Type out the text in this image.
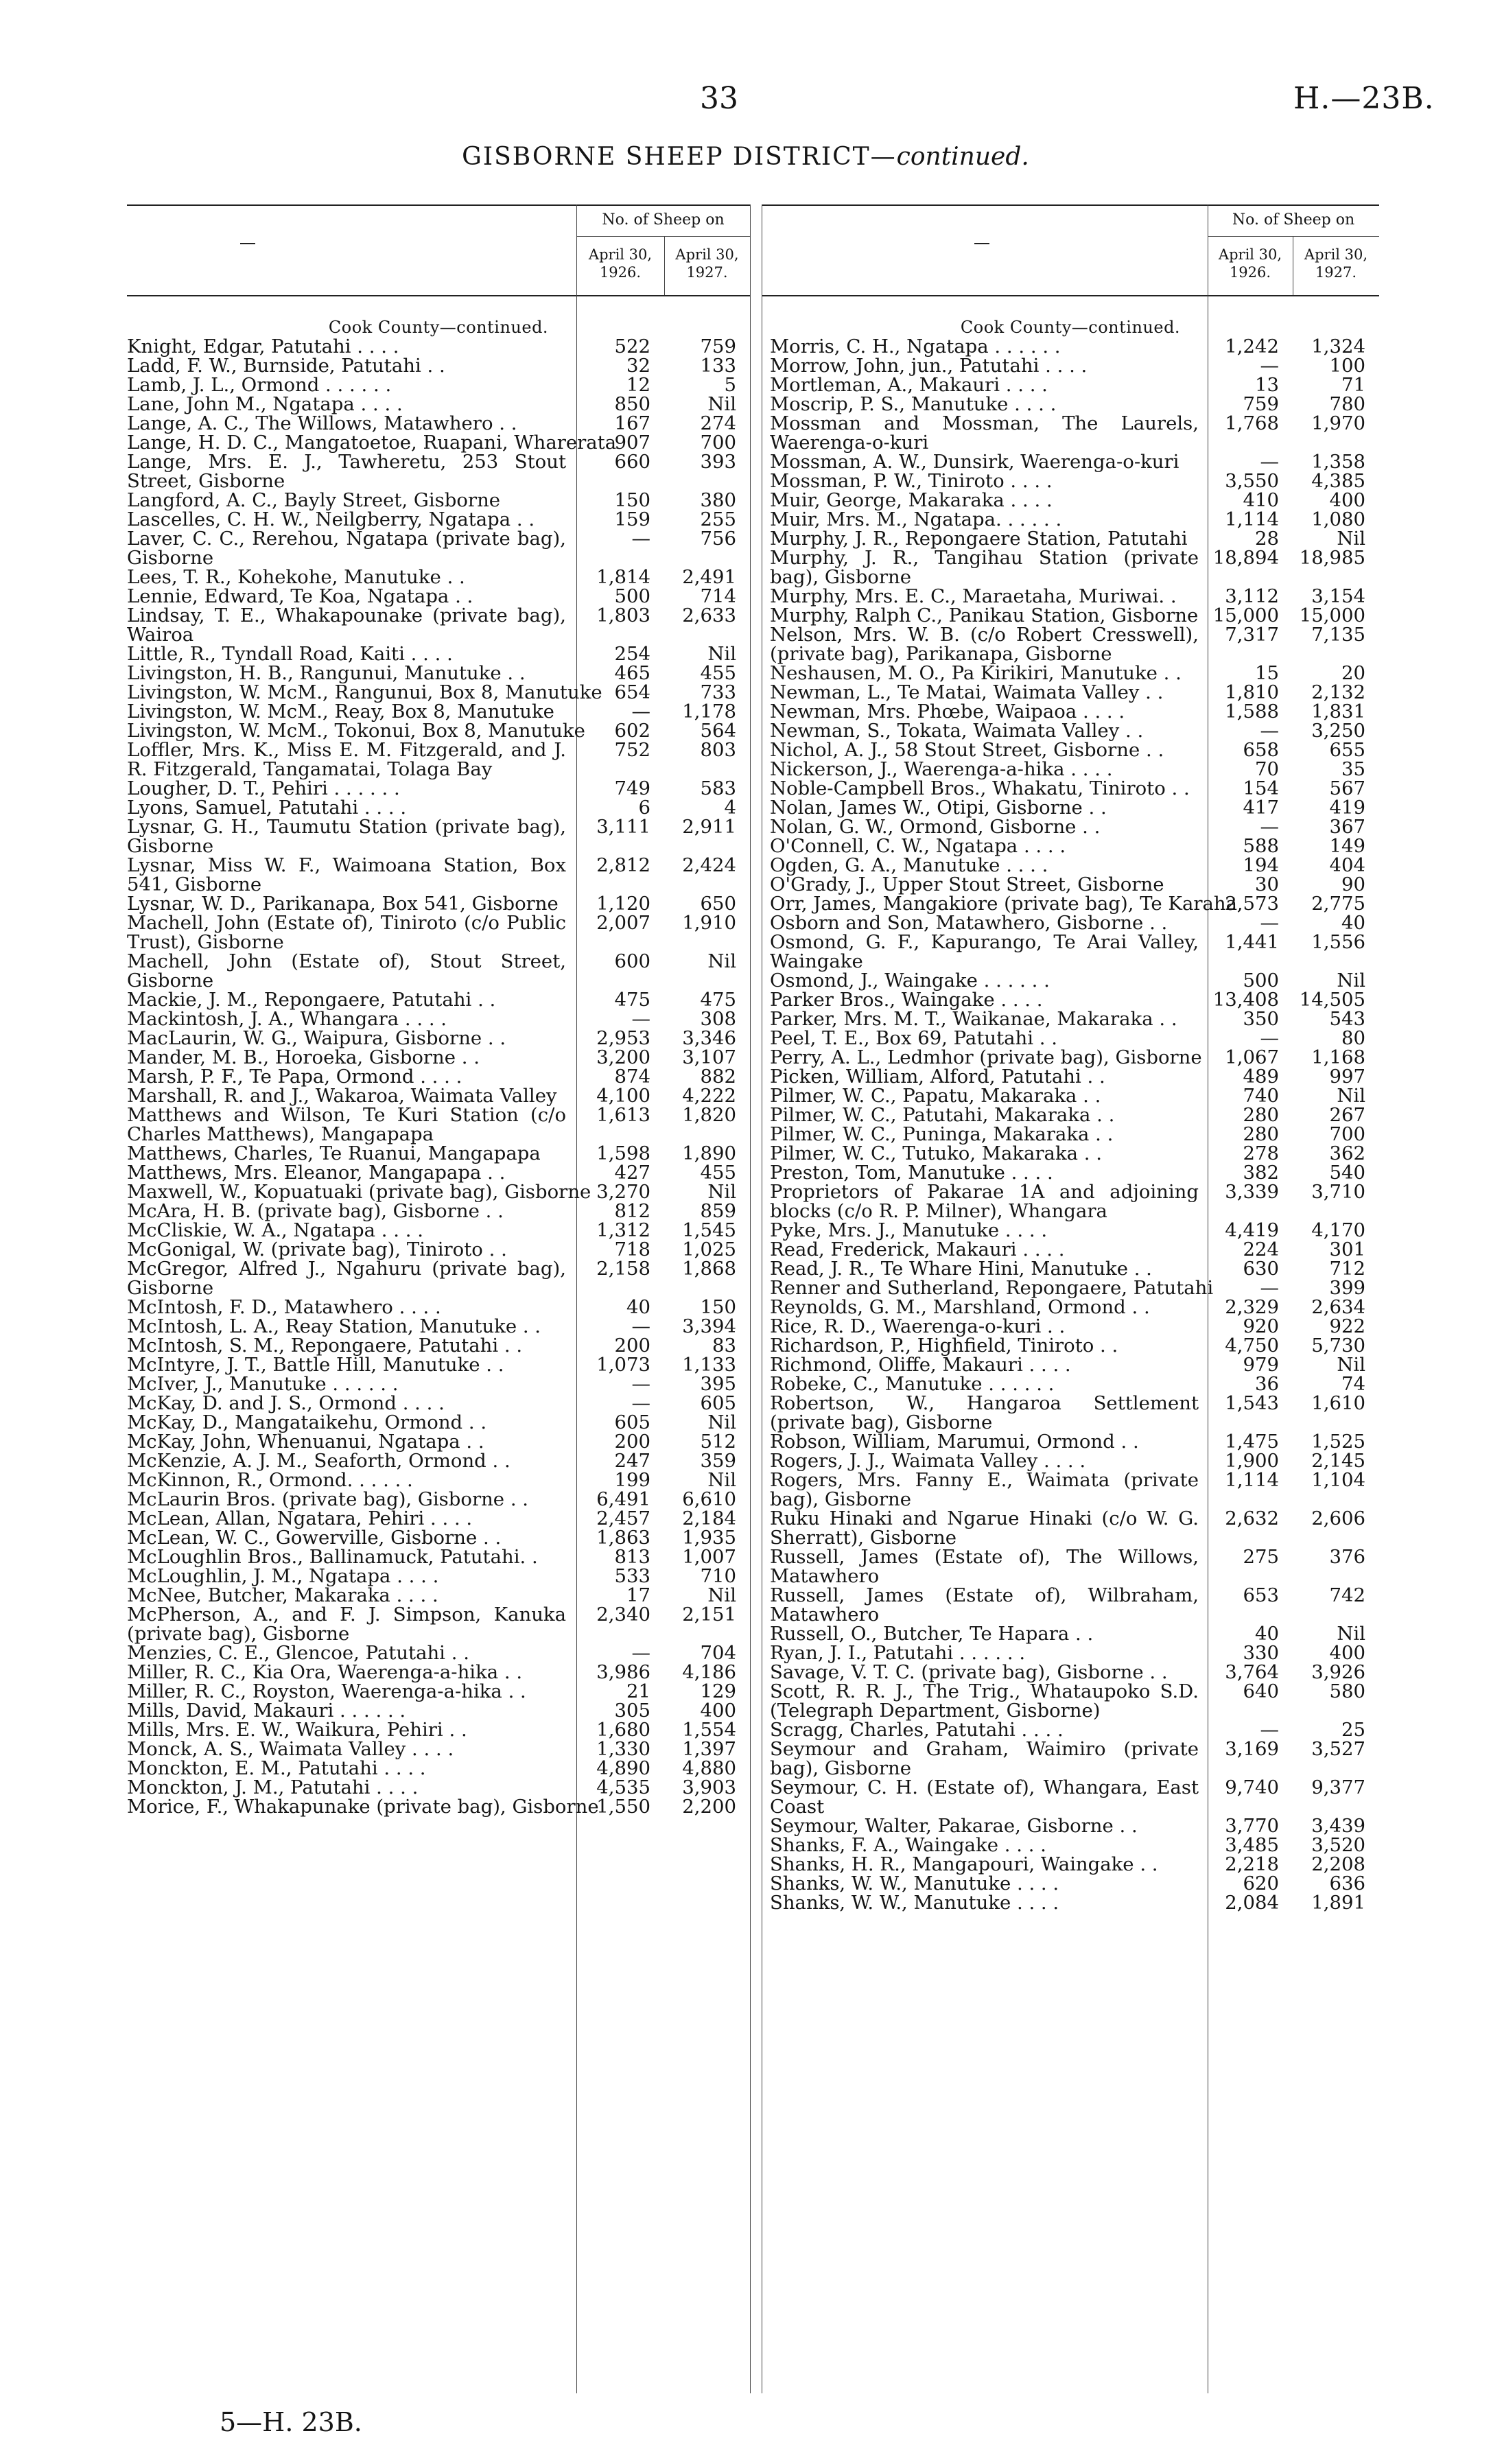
33	H.—23B.
GISBORNE SHEEP DISTRICT—continued.
No. of Sheep on
April 30,
1926.
April 30,
1927.
Cook County—continued.
Knight, Edgar, Patutahi . . . .	522	759
Ladd, F. W., Burnside, Patutahi . .	32	133
Lamb, J. L., Ormond . . . . . .	12	5
Lane, John M., Ngatapa . . . .	850	Nil
Lange, A. C., The Willows, Matawhero . .	167	274
Lange, H. D. C., Mangatoetoe, Ruapani, Wharerata
907	700
Lange, Mrs. E. J., Tawheretu, 253 Stout Street, Gisborne
660	393
Langford, A. C., Bayly Street, Gisborne	150	380
Lascelles, C. H. W., Neilgberry, Ngatapa . .	159	255
Laver, C. C., Rerehou, Ngatapa (private bag), Gisborne
—	756
Lees, T. R., Kohekohe, Manutuke . .	1,814 2,491
Lennie, Edward, Te Koa, Ngatapa . .	500	714
Lindsay, T. E., Whakapounake (private bag), Wairoa
1,803 2,633
Little, R., Tyndall Road, Kaiti . . . .	254	Nil
Livingston, H. B., Rangunui, Manutuke . .	465	455
Livingston, W. McM., Rangunui, Box 8, Manutuke 654	733
Livingston, W. McM., Reay, Box 8, Manutuke	— 1,178
Livingston, W. McM., Tokonui, Box 8, Manutuke 602	564
Loffler, Mrs. K., Miss E. M. Fitzgerald, and J. R. Fitzgerald, Tangamatai, Tolaga Bay
752	803
Lougher, D. T., Pehiri . . . . . .	749	583
Lyons, Samuel, Patutahi . . . .	6	4
Lysnar, G. H., Taumutu Station (private bag), Gisborne
3,111 2,911
Lysnar, Miss W. F., Waimoana Station, Box 541, Gisborne
2,812 2,424
Lysnar, W. D., Parikanapa, Box 541, Gisborne	1,120	650
Machell, John (Estate of), Tiniroto (c/o Public Trust), Gisborne
2,007 1,910
Machell, John (Estate of), Stout Street, Gisborne
600	Nil
Mackie, J. M., Repongaere, Patutahi . .	475	475
Mackintosh, J. A., Whangara . . . .	—	308
MacLaurin, W. G., Waipura, Gisborne . .	2,953 3,346
Mander, M. B., Horoeka, Gisborne . .	3,200 3,107
Marsh, P. F., Te Papa, Ormond . . . .	874	882
Marshall, R. and J., Wakaroa, Waimata Valley	4,100 4,222
Matthews and Wilson, Te Kuri Station (c/o Charles Matthews), Mangapapa
1,613 1,820
Matthews, Charles, Te Ruanui, Mangapapa	1,598 1,890
Matthews, Mrs. Eleanor, Mangapapa . .	427	455
Maxwell, W., Kopuatuaki (private bag), Gisborne 3,270	Nil
McAra, H. B. (private bag), Gisborne . .	812	859
McCliskie, W. A., Ngatapa . . . .	1,312 1,545
McGonigal, W. (private bag), Tiniroto . .	718 1,025
McGregor, Alfred J., Ngahuru (private bag), Gisborne
2,158 1,868
McIntosh, F. D., Matawhero . . . .	40	150
McIntosh, L. A., Reay Station, Manutuke . .	— 3,394
McIntosh, S. M., Repongaere, Patutahi . .	200	83
McIntyre, J. T., Battle Hill, Manutuke . .	1,073 1,133
McIver, J., Manutuke . . . . . .	—	395
McKay, D. and J. S., Ormond . . . .	—	605
McKay, D., Mangataikehu, Ormond . .	605	Nil
McKay, John, Whenuanui, Ngatapa . .	200	512
McKenzie, A. J. M., Seaforth, Ormond . .	247	359
McKinnon, R., Ormond. . . . . .	199	Nil
McLaurin Bros. (private bag), Gisborne . .	6,491 6,610
McLean, Allan, Ngatara, Pehiri . . . .	2,457 2,184
McLean, W. C., Gowerville, Gisborne . .	1,863 1,935
McLoughlin Bros., Ballinamuck, Patutahi. .	813 1,007
McLoughlin, J. M., Ngatapa . . . .	533	710
McNee, Butcher, Makaraka . . . .	17	Nil
McPherson, A., and F. J. Simpson, Kanuka (private bag), Gisborne
2,340 2,151
Menzies, C. E., Glencoe, Patutahi . .	—	704
Miller, R. C., Kia Ora, Waerenga-a-hika . .	3,986 4,186
Miller, R. C., Royston, Waerenga-a-hika . .	21	129
Mills, David, Makauri . . . . . .	305	400
Mills, Mrs. E. W., Waikura, Pehiri . .	1,680 1,554
Monck, A. S., Waimata Valley . . . .	1,330 1,397
Monckton, E. M., Patutahi . . . .	4,890 4,880
Monckton, J. M., Patutahi . . . .	4,535 3,903
Morice, F., Whakapunake (private bag), Gisborne
1,550 2,200
No. of Sheep on
April 30,
1926.
April 30,
1927.
Cook County—continued.
Morris, C. H., Ngatapa . . . . . .	1,242 1,324
Morrow, John, jun., Patutahi . . . .	—	100
Mortleman, A., Makauri . . . .	13	71
Moscrip, P. S., Manutuke . . . .	759	780
Mossman and Mossman, The Laurels, Waerenga-o-kuri
1,768 1,970
Mossman, A. W., Dunsirk, Waerenga-o-kuri	— 1,358
Mossman, P. W., Tiniroto . . . .	3,550 4,385
Muir, George, Makaraka . . . .	410	400
Muir, Mrs. M., Ngatapa. . . . . .	1,114 1,080
Murphy, J. R., Repongaere Station, Patutahi	28	Nil
Murphy, J. R., Tangihau Station (private bag), Gisborne
18,894 18,985
Murphy, Mrs. E. C., Maraetaha, Muriwai. .	3,112 3,154
Murphy, Ralph C., Panikau Station, Gisborne 15,000 15,000
Nelson, Mrs. W. B. (c/o Robert Cresswell), (private bag), Parikanapa, Gisborne
7,317 7,135
Neshausen, M. O., Pa Kirikiri, Manutuke . .	15	20
Newman, L., Te Matai, Waimata Valley . .	1,810 2,132
Newman, Mrs. Phœbe, Waipaoa . . . .	1,588 1,831
Newman, S., Tokata, Waimata Valley . .	— 3,250
Nichol, A. J., 58 Stout Street, Gisborne . .	658	655
Nickerson, J., Waerenga-a-hika . . . .	70	35
Noble-Campbell Bros., Whakatu, Tiniroto . .	154	567
Nolan, James W., Otipi, Gisborne . .	417	419
Nolan, G. W., Ormond, Gisborne . .	—	367
O'Connell, C. W., Ngatapa . . . .	588	149
Ogden, G. A., Manutuke . . . .	194	404
O'Grady, J., Upper Stout Street, Gisborne	30	90
Orr, James, Mangakiore (private bag), Te Karaha
2,573 2,775
Osborn and Son, Matawhero, Gisborne . .	—	40
Osmond, G. F., Kapurango, Te Arai Valley, Waingake
1,441 1,556
Osmond, J., Waingake . . . . . .	500	Nil
Parker Bros., Waingake . . . .	13,408 14,505
Parker, Mrs. M. T., Waikanae, Makaraka . .	350	543
Peel, T. E., Box 69, Patutahi . .	—	80
Perry, A. L., Ledmhor (private bag), Gisborne 1,067 1,168
Picken, William, Alford, Patutahi . .	489	997
Pilmer, W. C., Papatu, Makaraka . .	740	Nil
Pilmer, W. C., Patutahi, Makaraka . .	280	267
Pilmer, W. C., Puninga, Makaraka . .	280	700
Pilmer, W. C., Tutuko, Makaraka . .	278	362
Preston, Tom, Manutuke . . . .	382	540
Proprietors of Pakarae 1A and adjoining blocks (c/o R. P. Milner), Whangara
3,339 3,710
Pyke, Mrs. J., Manutuke . . . .	4,419 4,170
Read, Frederick, Makauri . . . .	224	301
Read, J. R., Te Whare Hini, Manutuke . .	630	712
Renner and Sutherland, Repongaere, Patutahi —	399
Reynolds, G. M., Marshland, Ormond . .	2,329 2,634
Rice, R. D., Waerenga-o-kuri . .	920	922
Richardson, P., Highfield, Tiniroto . .	4,750 5,730
Richmond, Oliffe, Makauri . . . .	979	Nil
Robeke, C., Manutuke . . . . . .	36	74
Robertson, W., Hangaroa Settlement (private bag), Gisborne
1,543 1,610
Robson, William, Marumui, Ormond . .	1,475 1,525
Rogers, J. J., Waimata Valley . . . .	1,900 2,145
Rogers, Mrs. Fanny E., Waimata (private bag), Gisborne
1,114 1,104
Ruku Hinaki and Ngarue Hinaki (c/o W. G. Sherratt), Gisborne
2,632 2,606
Russell, James (Estate of), The Willows, Matawhero
275	376
Russell, James (Estate of), Wilbraham, Matawhero
653	742
Russell, O., Butcher, Te Hapara . .	40	Nil
Ryan, J. I., Patutahi . . . . . .	330	400
Savage, V. T. C. (private bag), Gisborne . .	3,764 3,926
Scott, R. R. J., The Trig., Whataupoko S.D. (Telegraph Department, Gisborne)
640	580
Scragg, Charles, Patutahi . . . .	—	25
Seymour and Graham, Waimiro (private bag), Gisborne
3,169 3,527
Seymour, C. H. (Estate of), Whangara, East Coast
9,740 9,377
Seymour, Walter, Pakarae, Gisborne . .	3,770 3,439
Shanks, F. A., Waingake . . . .	3,485 3,520
Shanks, H. R., Mangapouri, Waingake . .	2,218 2,208
Shanks, W. W., Manutuke . . . .	620	636
Shanks, W. W., Manutuke . . . .	2,084 1,891
5—H. 23B.
